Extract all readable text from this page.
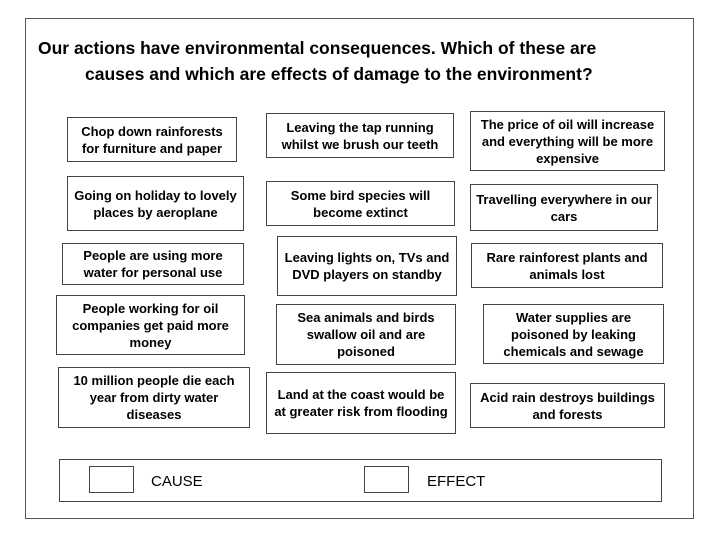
Our actions have environmental consequences. Which of these are
causes and which are effects of damage to the environment?
Chop down rainforests for furniture and paper
Going on holiday to lovely places by aeroplane
People are using more water for personal use
People working for oil companies get paid more money
10 million people die each year from dirty water diseases
Leaving the tap running whilst we brush our teeth
Some bird species will become extinct
Leaving lights on, TVs and DVD players on standby
Sea animals and birds swallow oil and are poisoned
Land at the coast would be at greater risk from flooding
The price of oil will increase and everything will be more expensive
Travelling everywhere in our cars
Rare rainforest plants and animals lost
Water supplies are poisoned by leaking chemicals and sewage
Acid rain destroys buildings and forests
CAUSE	EFFECT
